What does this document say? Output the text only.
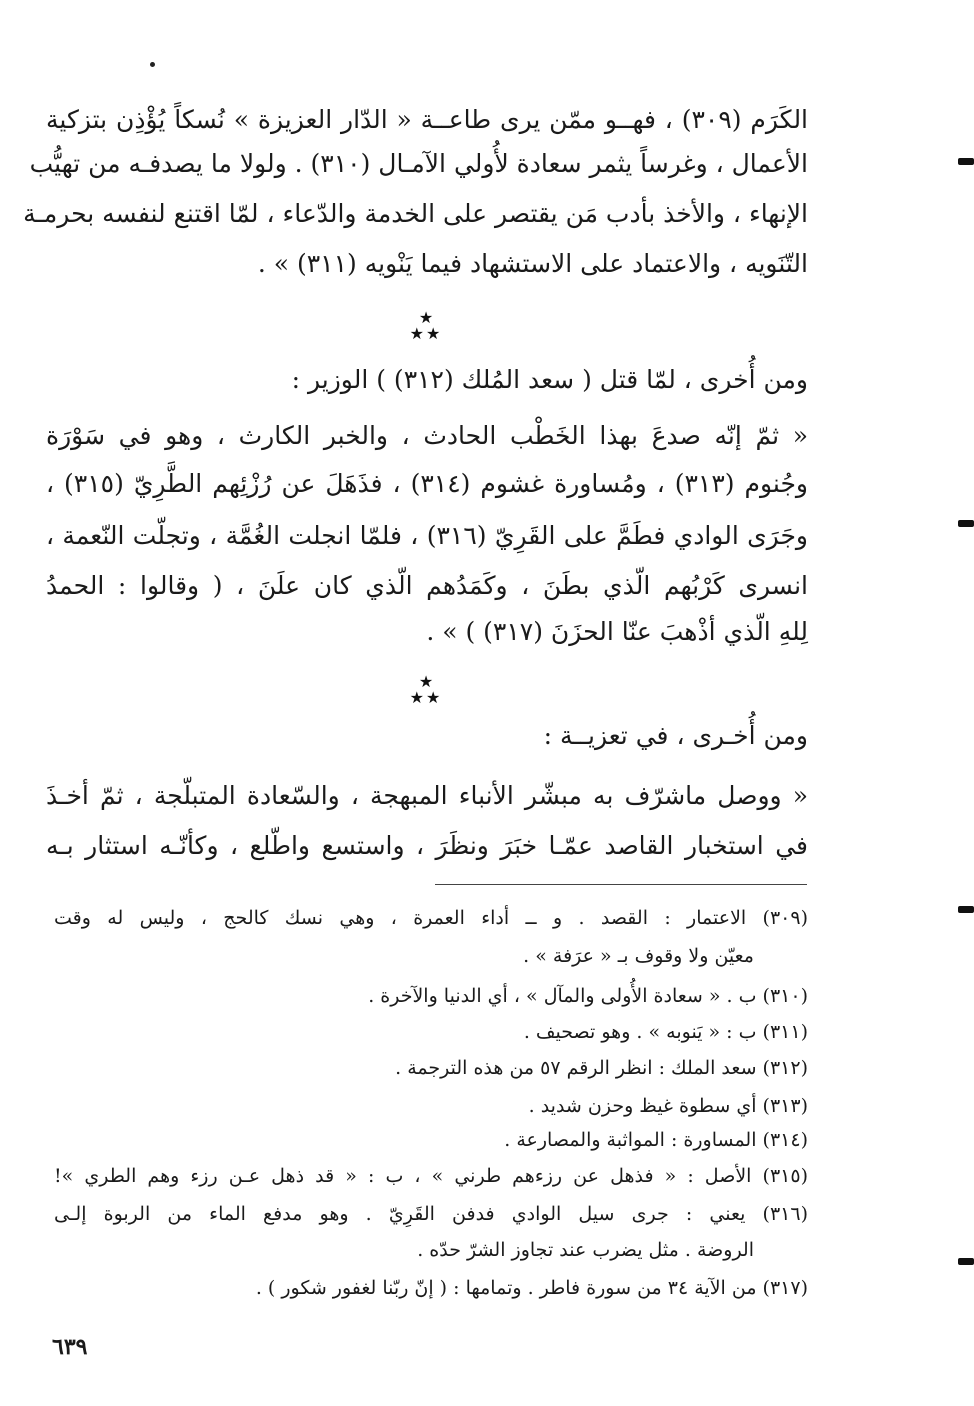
الكَرَم (٣٠٩) ، فهــو ممّن يرى طاعــة « الدّار العزيزة » نُسكاً يُؤْذِن بتزكية
الأعمال ، وغرساً يثمر سعادة لأُولي الآمـال (٣١٠) . ولولا ما يصدفـه من تهيُّب
الإنهاء ، والأخذ بأدب مَن يقتصر على الخدمة والدّعاء ، لمّا اقتنع لنفسه بحرمـة
التّنَويه ، والاعتماد على الاستشهاد فيما يَنْويه (٣١١) » .
★
★★
ومن أُخرى ، لمّا قتل ( سعد المُلك (٣١٢) ) الوزير :
« ثمّ إنّه صدعَ بهذا الخَطْب الحادث ، والخبر الكارث ، وهو في سَوْرَة
وجُنوم (٣١٣) ، ومُساورة غشوم (٣١٤) ، فذَهَلَ عن رُزْئِهم الطَّرِيّ (٣١٥) ،
وجَرَى الوادي فطَمَّ على القَرِيّ (٣١٦) ، فلمّا انجلت الغُمَّة ، وتجلّت النّعمة ،
انسرى كَرْبُهم الّذي بطَنَ ، وكَمَدُهم الّذي كان علَنَ ، ( وقالوا : الحمدُ
لِلهِ الّذي أذْهبَ عنّا الحزَنَ (٣١٧) ) » .
★
★★
ومن أُخـرى ، في تعزيــة :
« ووصل ماشرّف به مبشّر الأنباء المبهجة ، والسّعادة المتبلّجة ، ثمّ أخـذَ
في استخبار القاصد عمّـا خبَرَ ونظَرَ ، واستسع واطّلع ، وكأنّـه استثار بـه
(٣٠٩) الاعتمار : القصد . و ــ أداء العمرة ، وهي نسك كالحج ، وليس له وقت
معيّن ولا وقوف بـ « عرَفة » .
(٣١٠) ب . « سعادة الأُولى والمآل » ، أي الدنيا والآخرة .
(٣١١) ب : « يَنوبه » . وهو تصحيف .
(٣١٢) سعد الملك : انظر الرقم ٥٧ من هذه الترجمة .
(٣١٣) أي سطوة غيظ وحزن شديد .
(٣١٤) المساورة : المواثبة والمصارعة .
(٣١٥) الأصل : « فذهل عن رزءهم طرني » ، ب : « قد ذهل عـن رزء وهم الطري »!
(٣١٦) يعني : جرى سيل الوادي فدفن القَرِيّ . وهو مدفع الماء من الربوة إلـى
الروضة . مثل يضرب عند تجاوز الشرّ حدّه .
(٣١٧) من الآية ٣٤ من سورة فاطر . وتمامها : ( إنّ ربّنا لغفور شكور ) .
٦٣٩
